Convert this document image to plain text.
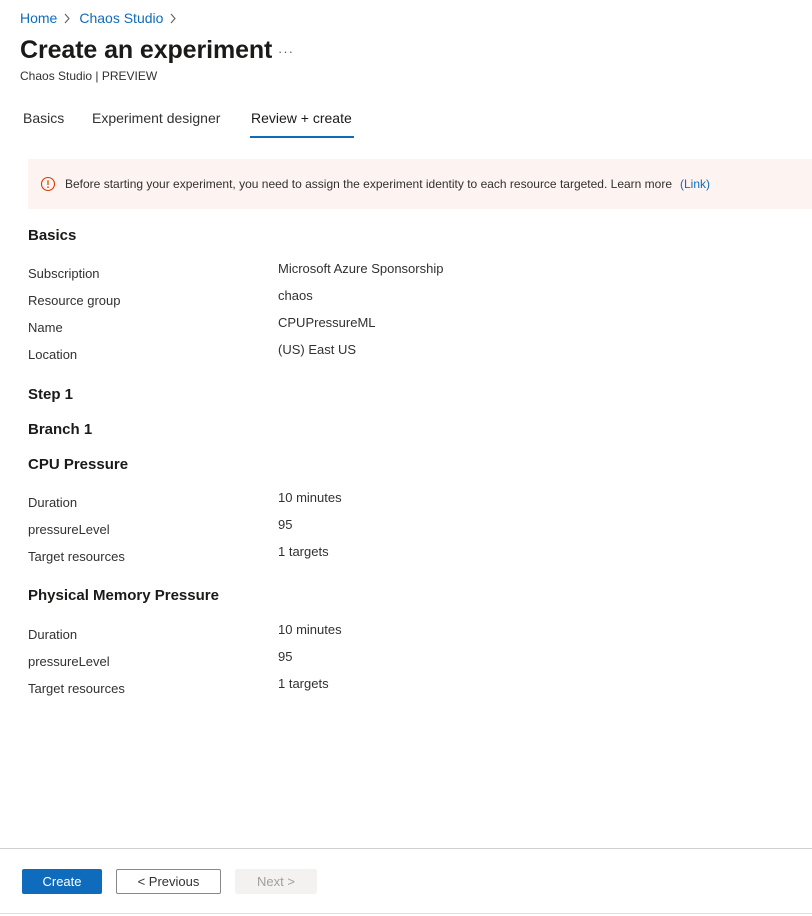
Home Chaos Studio
Create an experiment ···
Chaos Studio | PREVIEW
Basics Experiment designer Review + create
Before starting your experiment, you need to assign the experiment identity to each resource targeted. Learn more (Link)
Basics
Subscription	Microsoft Azure Sponsorship
Resource group	chaos
Name	CPUPressureML
Location	(US) East US
Step 1
Branch 1
CPU Pressure
Duration	10 minutes
pressureLevel	95
Target resources	1 targets
Physical Memory Pressure
Duration	10 minutes
pressureLevel	95
Target resources	1 targets
Create	< Previous	Next >
